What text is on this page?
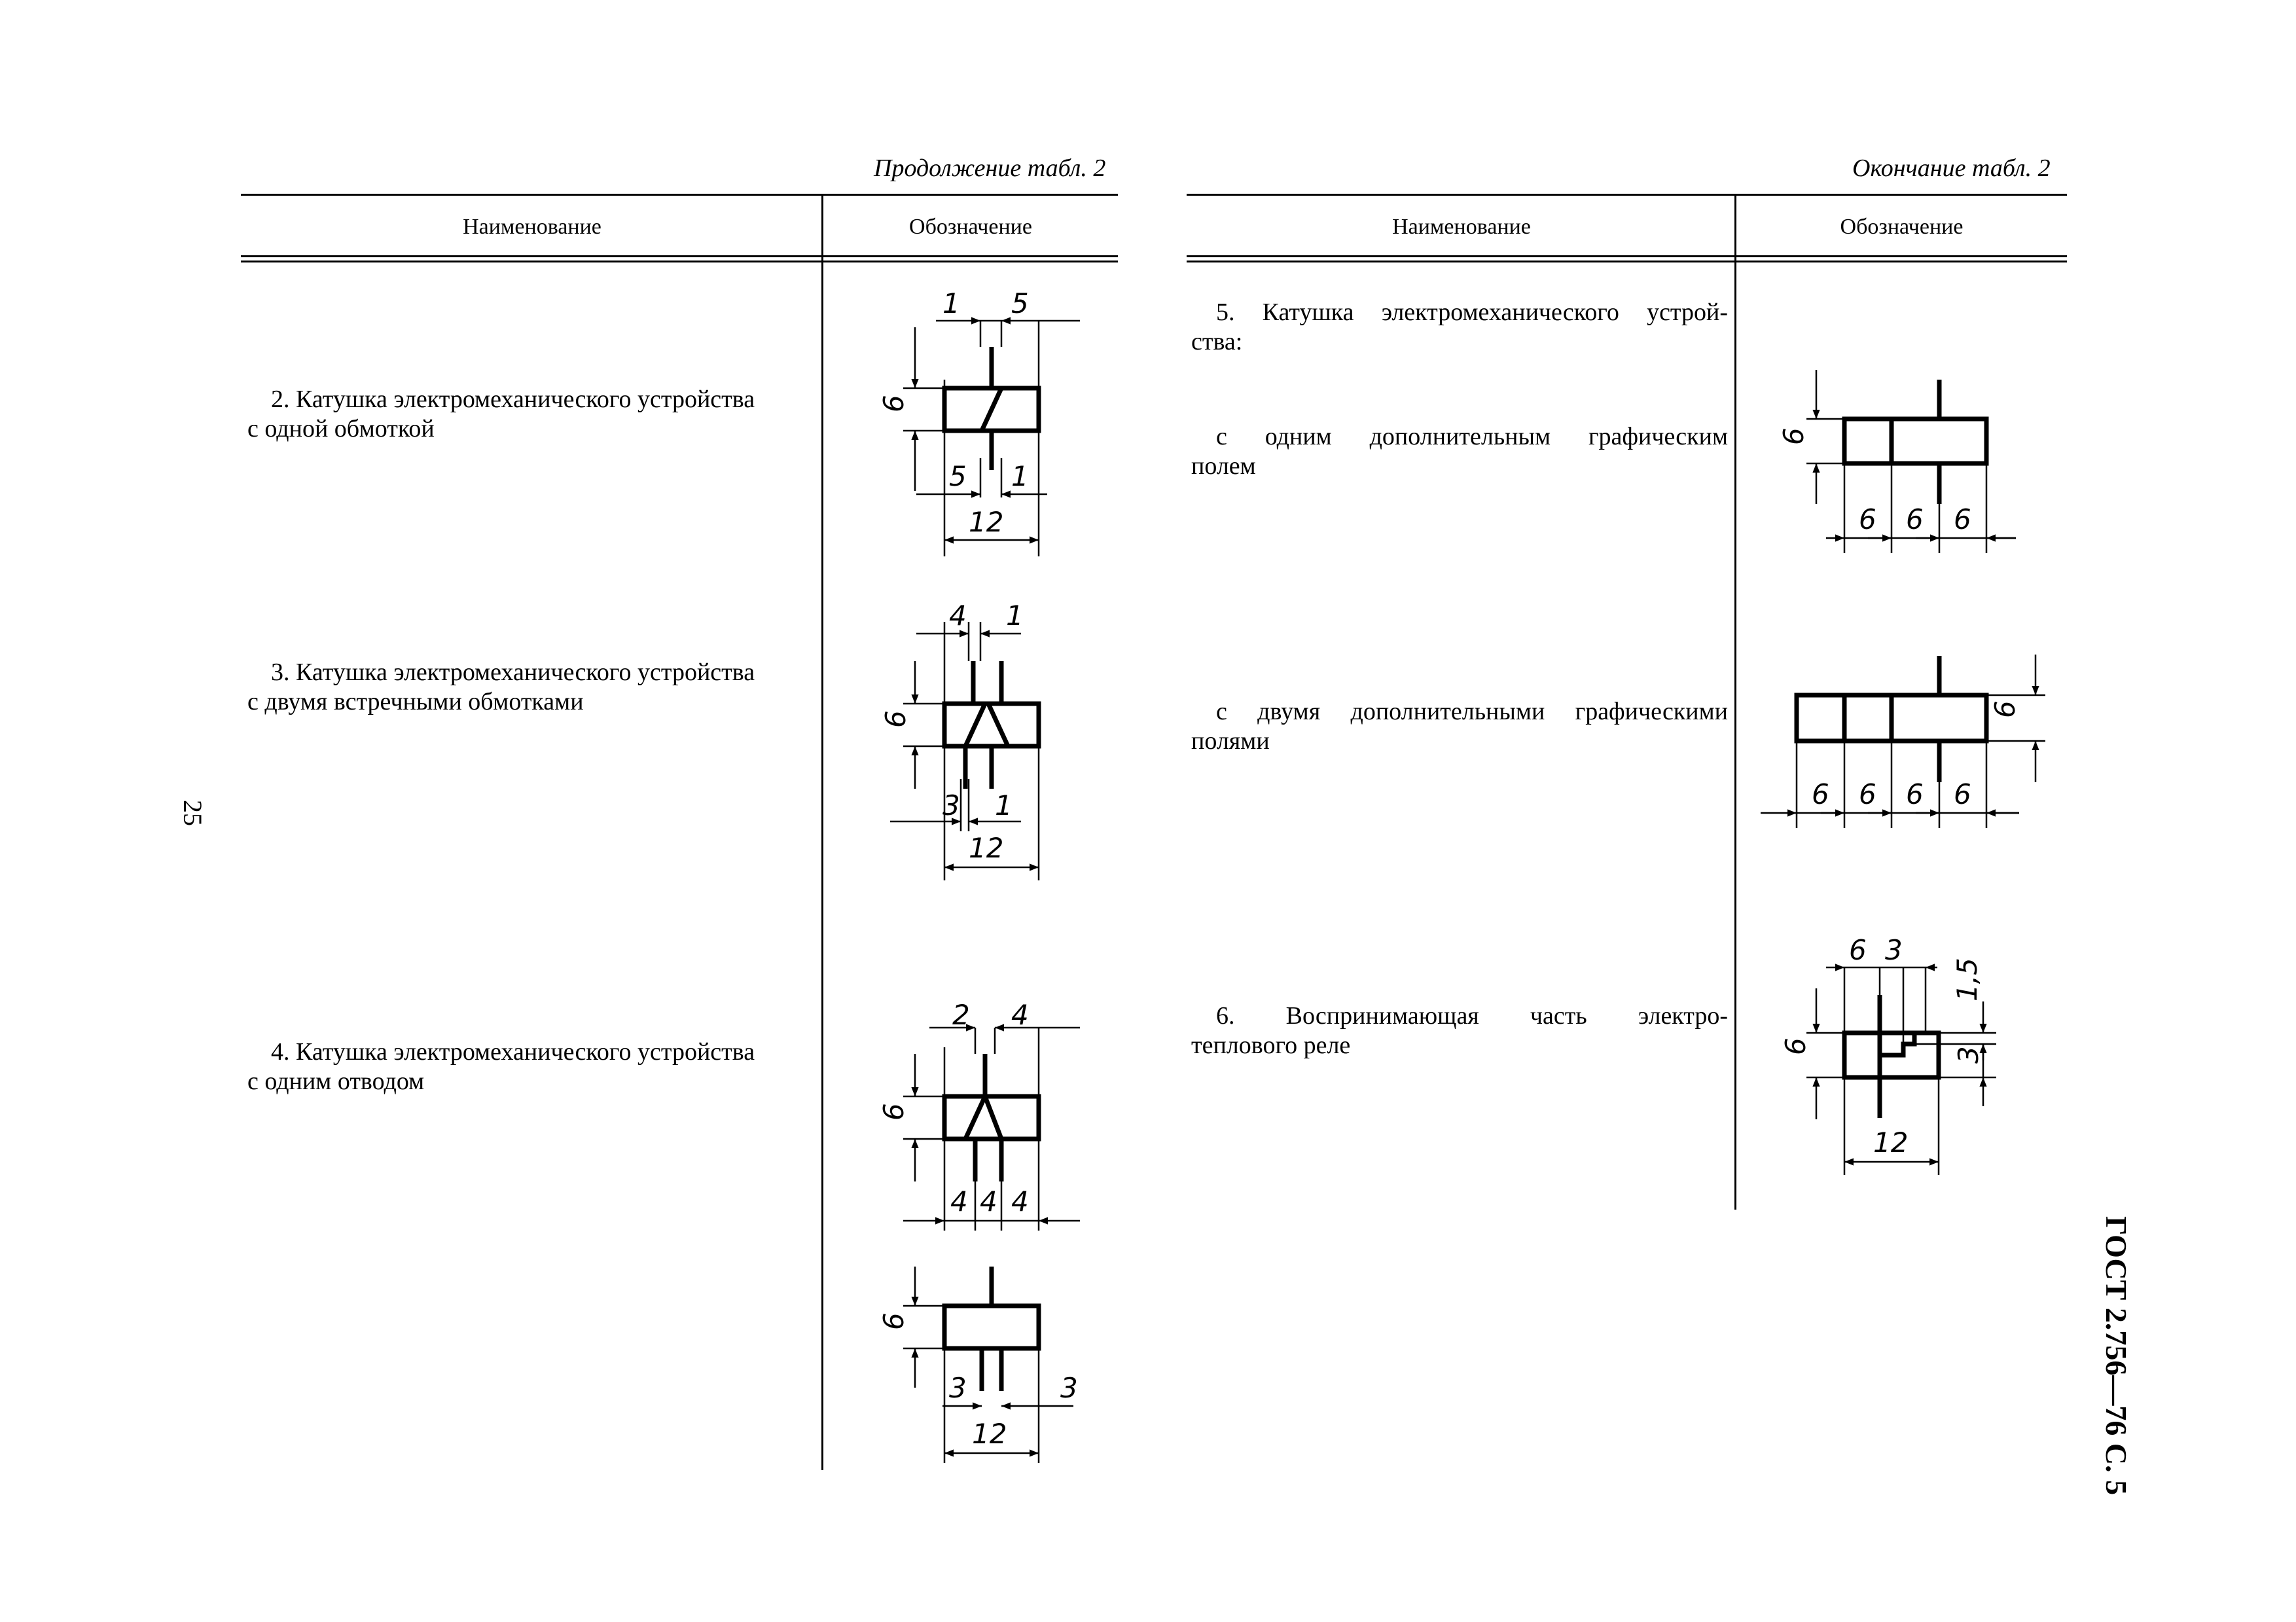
25
ГОСТ 2.756—76 С. 5
Продолжение табл. 2
Наименование	Обозначение
2. Катушка электромеханического устройства
с одной обмоткой
3. Катушка электромеханического устройства
с двумя встречными обмотками
4. Катушка электромеханического устройства
с одним отводом
Окончание табл. 2
Наименование	Обозначение
5. Катушка электромеханического устрой-
ства:
с одним дополнительным графическим
полем
с двумя дополнительными графическими
полями
6. Воспринимающая часть электро-
теплового реле
1 5
6
5 1
12
4 1
6
3 1
12
2 4
6
4 4 4
6
3	3
12
6
6 6 6
6
6 6 6 6
6 3
1,5
6	3
12
